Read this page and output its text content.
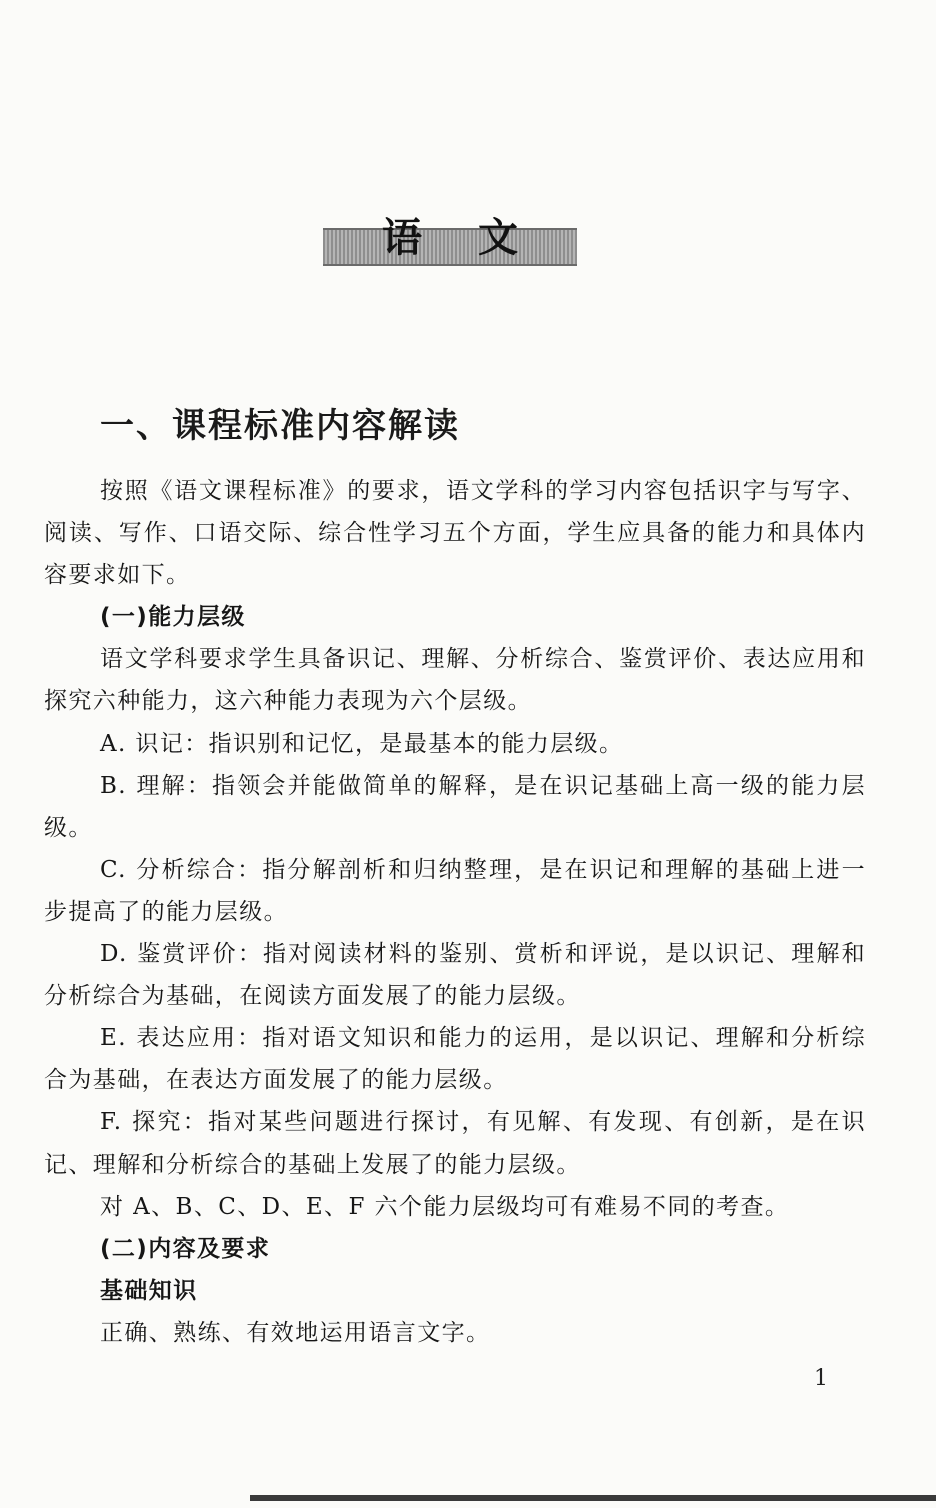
语文
一、课程标准内容解读

按照《语文课程标准》的要求，语文学科的学习内容包括识字与写字、阅读、写作、口语交际、综合性学习五个方面，学生应具备的能力和具体内容要求如下。

(一)能力层级

语文学科要求学生具备识记、理解、分析综合、鉴赏评价、表达应用和探究六种能力，这六种能力表现为六个层级。

A. 识记：指识别和记忆，是最基本的能力层级。

B. 理解：指领会并能做简单的解释，是在识记基础上高一级的能力层级。

C. 分析综合：指分解剖析和归纳整理，是在识记和理解的基础上进一步提高了的能力层级。

D. 鉴赏评价：指对阅读材料的鉴别、赏析和评说，是以识记、理解和分析综合为基础，在阅读方面发展了的能力层级。

E. 表达应用：指对语文知识和能力的运用，是以识记、理解和分析综合为基础，在表达方面发展了的能力层级。

F. 探究：指对某些问题进行探讨，有见解、有发现、有创新，是在识记、理解和分析综合的基础上发展了的能力层级。

对 A、B、C、D、E、F 六个能力层级均可有难易不同的考查。

(二)内容及要求

基础知识

正确、熟练、有效地运用语言文字。

1
